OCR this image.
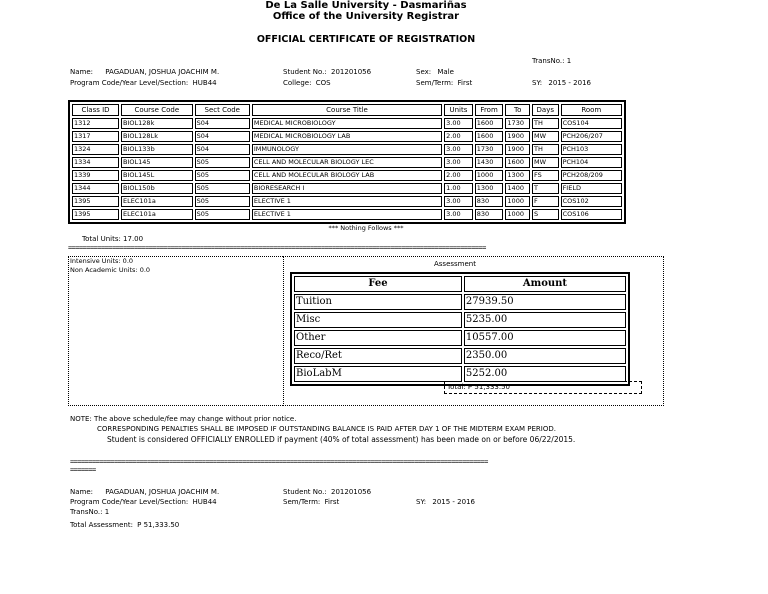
De La Salle University - Dasmariñas
Office of the University Registrar
OFFICIAL CERTIFICATE OF REGISTRATION
TransNo.: 1
Name: PAGADUAN, JOSHUA JOACHIM M.	Student No.: 201201056	Sex: Male
Program Code/Year Level/Section: HUB44	College: COS	Sem/Term: First	SY: 2015 - 2016
Class ID	Course Code	Sect Code	Course Title	Units	From	To	Days	Room
1312	BIOL128k	S04	MEDICAL MICROBIOLOGY	3.00	1600	1730	TH	COS104
1317	BIOL128Lk	S04	MEDICAL MICROBIOLOGY LAB	2.00	1600	1900	MW	PCH206/207
1324	BIOL133b	S04	IMMUNOLOGY	3.00	1730	1900	TH	PCH103
1334	BIOL145	S05	CELL AND MOLECULAR BIOLOGY LEC	3.00	1430	1600	MW	PCH104
1339	BIOL145L	S05	CELL AND MOLECULAR BIOLOGY LAB	2.00	1000	1300	FS	PCH208/209
1344	BIOL150b	S05	BIORESEARCH I	1.00	1300	1400	T	FIELD
1395	ELEC101a	S05	ELECTIVE 1	3.00	830	1000	F	COS102
1395	ELEC101a	S05	ELECTIVE 1	3.00	830	1000	S	COS106
*** Nothing Follows ***
Total Units: 17.00
==================================================================================================================
Intensive Units: 0.0
Non Academic Units: 0.0
Assessment
Fee	Amount
Tuition	27939.50
Misc	5235.00
Other	10557.00
Reco/Ret	2350.00
BioLabM	5252.00
Total: P 51,333.50
NOTE: The above schedule/fee may change without prior notice.
CORRESPONDING PENALTIES SHALL BE IMPOSED IF OUTSTANDING BALANCE IS PAID AFTER DAY 1 OF THE MIDTERM EXAM PERIOD.
Student is considered OFFICIALLY ENROLLED if payment (40% of total assessment) has been made on or before 06/22/2015.
==================================================================================================================
=======
Name: PAGADUAN, JOSHUA JOACHIM M.	Student No.: 201201056
Program Code/Year Level/Section: HUB44	Sem/Term: First	SY: 2015 - 2016
TransNo.: 1
Total Assessment: P 51,333.50
